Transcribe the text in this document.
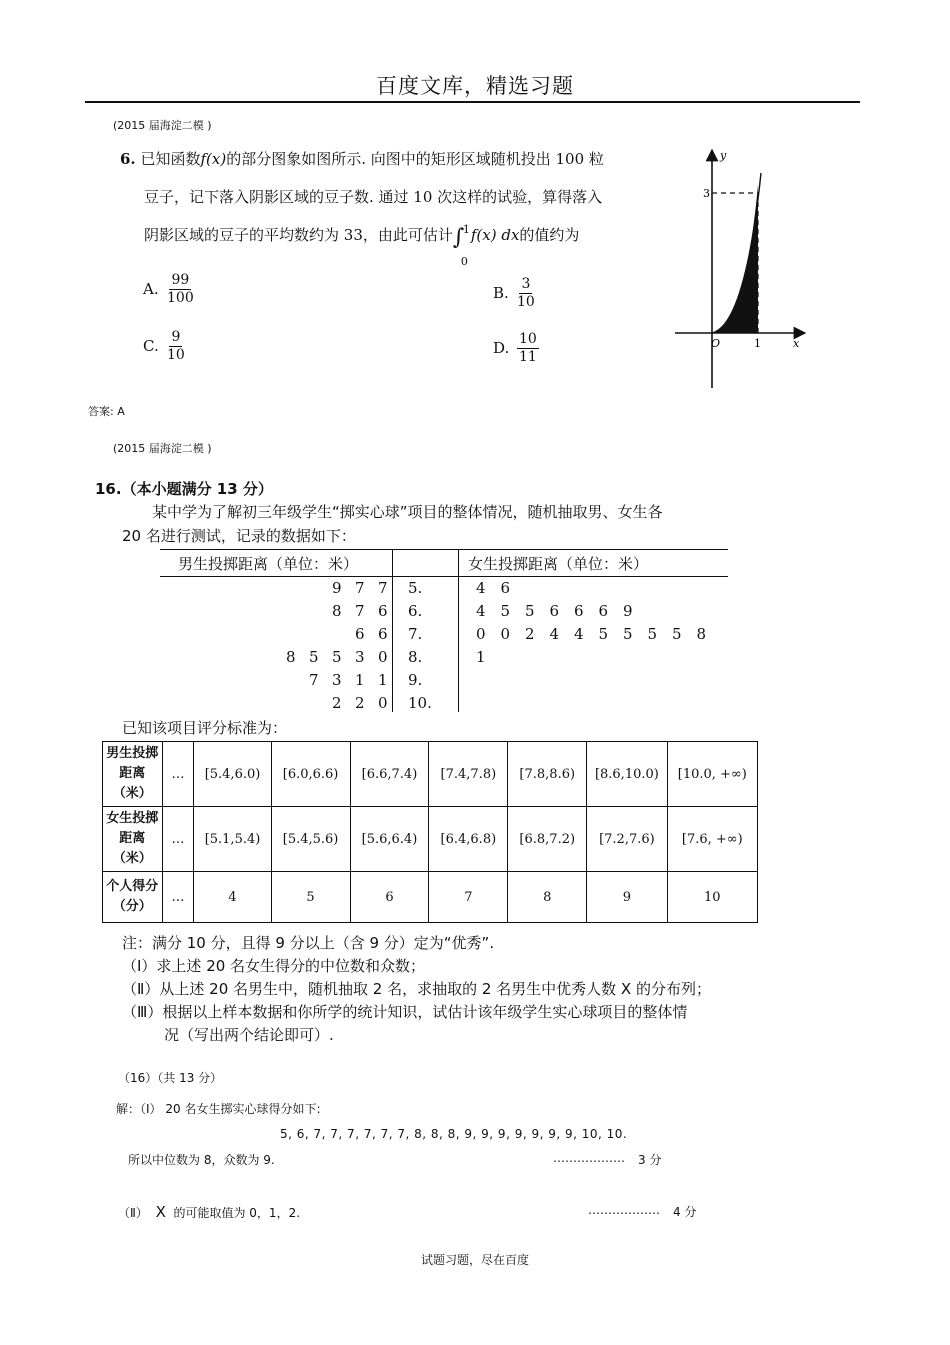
百度文库，精选习题
(2015 届海淀二模 )
6. 已知函数f(x)的部分图象如图所示. 向图中的矩形区域随机投出 100 粒
豆子，记下落入阴影区域的豆子数. 通过 10 次这样的试验，算得落入
阴影区域的豆子的平均数约为 33，由此可估计 ∫
1
0
f(x) dx的值约为
A. $\frac{99}{100}$	B. $\frac{3}{10}$
C. $\frac{9}{10}$	D. $\frac{10}{11}$
y
x
O	1
3
答案: A
(2015 届海淀二模 )
16.（本小题满分 13 分）
某中学为了解初三年级学生“掷实心球”项目的整体情况，随机抽取男、女生各
20 名进行测试，记录的数据如下：
男生投掷距离（单位：米）	女生投掷距离（单位：米）
9 7 7 5.	4 6
8 7 6 6.	4 5 5 6 6 6 9
6 6 7.	0 0 2 4 4 5 5 5 5 8
8 5 5 3 0 8.	1
7 3 1 1 9.
2 2 0 10.
已知该项目评分标准为：
男生投掷距离（米）	…	[5.4,6.0)	[6.0,6.6)	[6.6,7.4)	[7.4,7.8)	[7.8,8.6)	[8.6,10.0)	[10.0, +∞)
女生投掷距离（米）	…	[5.1,5.4)	[5.4,5.6)	[5.6,6.4)	[6.4,6.8)	[6.8,7.2)	[7.2,7.6)	[7.6, +∞)
个人得分（分）	…	4	5	6	7	8	9	10
注：满分 10 分，且得 9 分以上（含 9 分）定为“优秀”.
（Ⅰ）求上述 20 名女生得分的中位数和众数；
（Ⅱ）从上述 20 名男生中，随机抽取 2 名，求抽取的 2 名男生中优秀人数 X 的分布列；
（Ⅲ）根据以上样本数据和你所学的统计知识，试估计该年级学生实心球项目的整体情
况（写出两个结论即可）.
（16）（共 13 分）
解：（Ⅰ） 20 名女生掷实心球得分如下:
5, 6, 7, 7, 7, 7, 7, 7, 8, 8, 8, 9, 9, 9, 9, 9, 9, 9, 10, 10.
所以中位数为 8，众数为 9.	……………… 3 分
（Ⅱ） X 的可能取值为 0，1，2.	……………… 4 分
试题习题，尽在百度
